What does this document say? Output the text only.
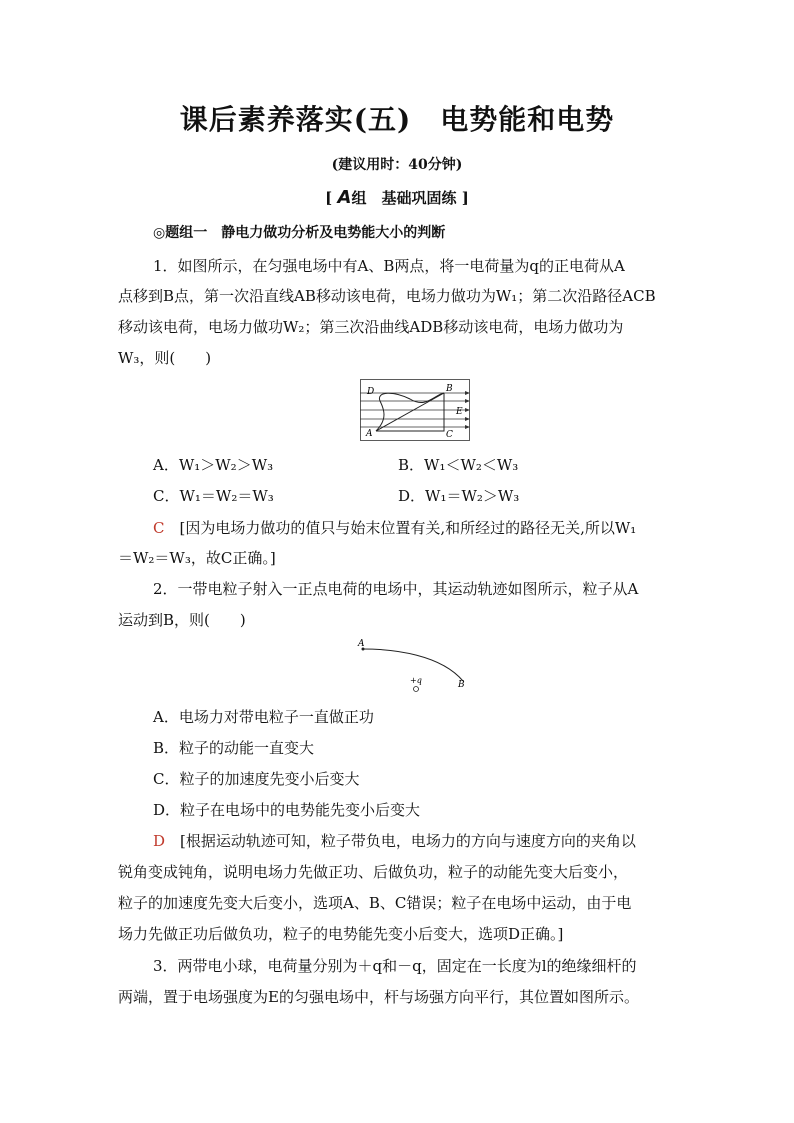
课后素养落实(五)　电势能和电势
(建议用时：40分钟)
[ A组　基础巩固练 ]
◎题组一　静电力做功分析及电势能大小的判断
1．如图所示，在匀强电场中有A、B两点，将一电荷量为q的正电荷从A
点移到B点，第一次沿直线AB移动该电荷，电场力做功为W₁；第二次沿路径ACB
移动该电荷，电场力做功W₂；第三次沿曲线ADB移动该电荷，电场力做功为
W₃，则(　　)
D	B
E
A	C
A．W₁＞W₂＞W₃	B．W₁＜W₂＜W₃
C．W₁＝W₂＝W₃	D．W₁＝W₂＞W₃
C　 [因为电场力做功的值只与始末位置有关,和所经过的路径无关,所以W₁
＝W₂＝W₃，故C正确。]
2．一带电粒子射入一正点电荷的电场中，其运动轨迹如图所示，粒子从A
运动到B，则(　　)
A
+q	B
A．电场力对带电粒子一直做正功
B．粒子的动能一直变大
C．粒子的加速度先变小后变大
D．粒子在电场中的电势能先变小后变大
D　 [根据运动轨迹可知，粒子带负电，电场力的方向与速度方向的夹角以
锐角变成钝角，说明电场力先做正功、后做负功，粒子的动能先变大后变小，
粒子的加速度先变大后变小，选项A、B、C错误；粒子在电场中运动，由于电
场力先做正功后做负功，粒子的电势能先变小后变大，选项D正确。]
3．两带电小球，电荷量分别为＋q和－q，固定在一长度为l的绝缘细杆的
两端，置于电场强度为E的匀强电场中，杆与场强方向平行，其位置如图所示。
